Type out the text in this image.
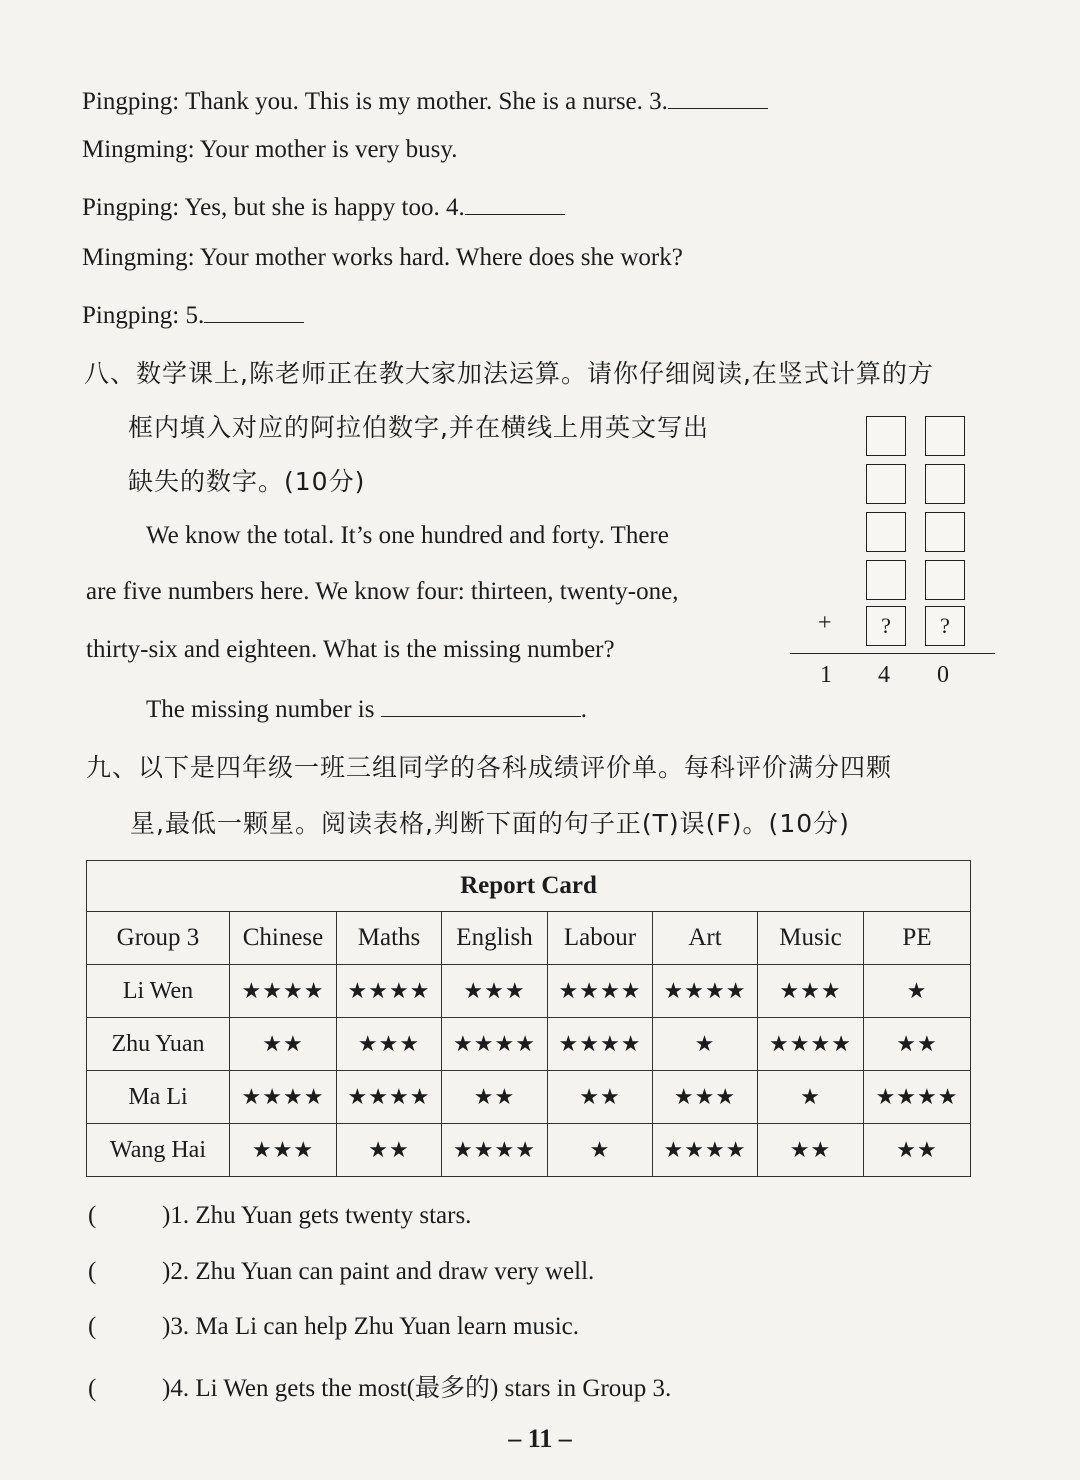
Pingping: Thank you. This is my mother. She is a nurse. 3.
Mingming: Your mother is very busy.
Pingping: Yes, but she is happy too. 4.
Mingming: Your mother works hard. Where does she work?
Pingping: 5.
八、数学课上,陈老师正在教大家加法运算。请你仔细阅读,在竖式计算的方
框内填入对应的阿拉伯数字,并在横线上用英文写出
缺失的数字。(10分)
We know the total. It’s one hundred and forty. There
are five numbers here. We know four: thirteen, twenty-one,
thirty-six and eighteen. What is the missing number?
The missing number is	.
+	?	?
1 4 0
九、以下是四年级一班三组同学的各科成绩评价单。每科评价满分四颗
星,最低一颗星。阅读表格,判断下面的句子正(T)误(F)。(10分)
Report Card							
Group 3	Chinese	Maths	English	Labour	Art	Music	PE
Li Wen	★★★★	★★★★	★★★	★★★★	★★★★	★★★	★
Zhu Yuan	★★	★★★	★★★★	★★★★	★	★★★★	★★
Ma Li	★★★★	★★★★	★★	★★	★★★	★	★★★★
Wang Hai	★★★	★★	★★★★	★	★★★★	★★	★★
(	)1. Zhu Yuan gets twenty stars.
(	)2. Zhu Yuan can paint and draw very well.
(	)3. Ma Li can help Zhu Yuan learn music.
(	)4. Li Wen gets the most(最多的) stars in Group 3.
– 11 –
